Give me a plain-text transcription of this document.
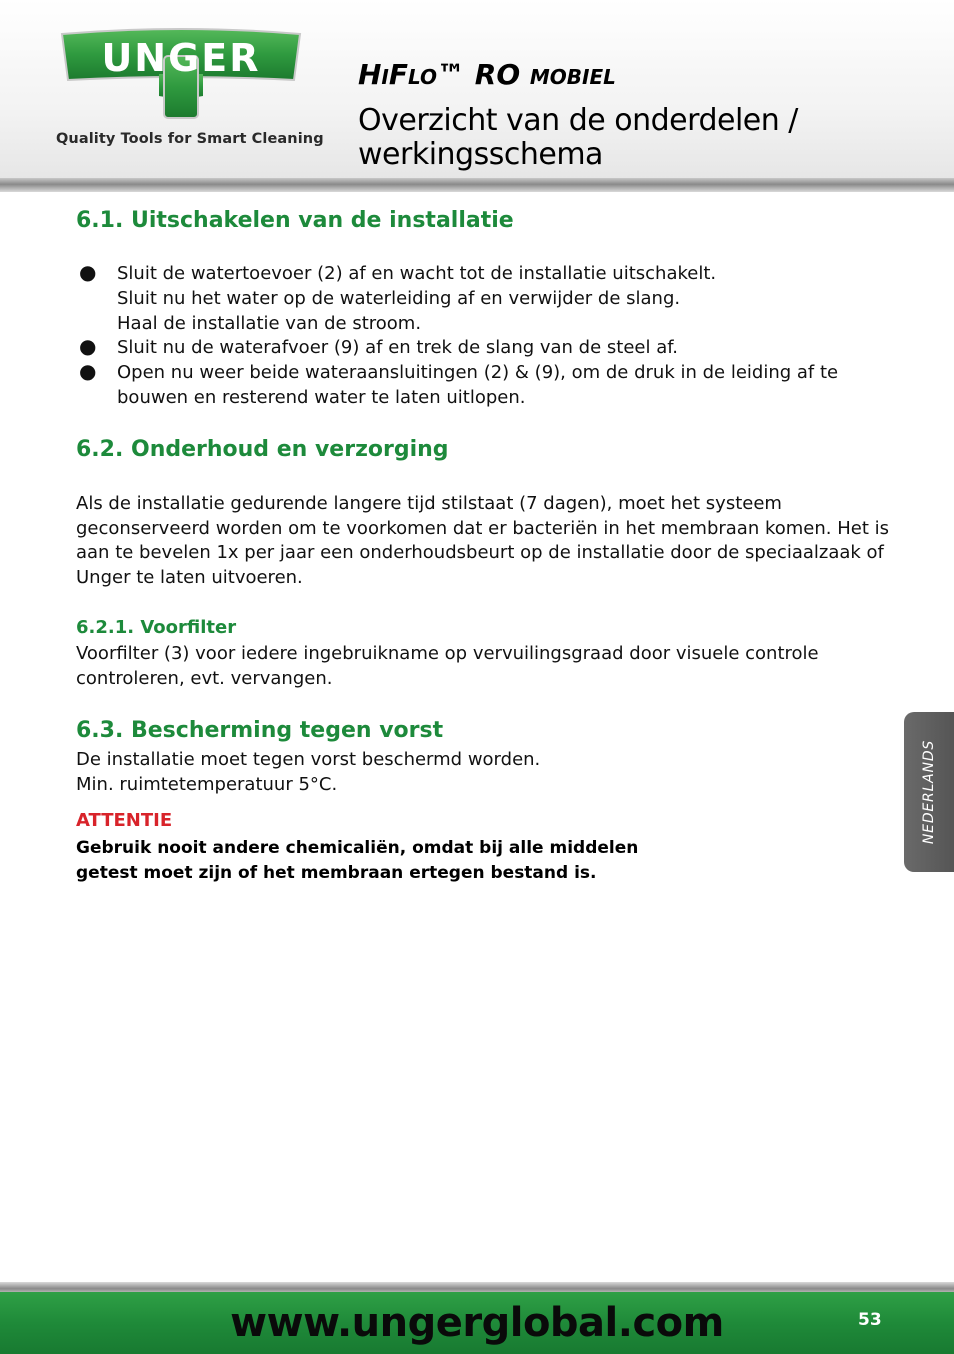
UNGER
Quality Tools for Smart Cleaning
HiFlo™ RO mobiel
Overzicht van de onderdelen / werkingsschema
6.1. Uitschakelen van de installatie
● Sluit de watertoevoer (2) af en wacht tot de installatie uitschakelt.
Sluit nu het water op de waterleiding af en verwijder de slang.
Haal de installatie van de stroom.
● Sluit nu de waterafvoer (9) af en trek de slang van de steel af.
● Open nu weer beide wateraansluitingen (2) & (9), om de druk in de leiding af te bouwen en resterend water te laten uitlopen.
6.2. Onderhoud en verzorging
Als de installatie gedurende langere tijd stilstaat (7 dagen), moet het systeem geconserveerd worden om te voorkomen dat er bacteriën in het membraan komen. Het is aan te bevelen 1x per jaar een onderhoudsbeurt op de installatie door de speciaalzaak of Unger te laten uitvoeren.
6.2.1. Voorfilter
Voorfilter (3) voor iedere ingebruikname op vervuilingsgraad door visuele controle controleren, evt. vervangen.
6.3. Bescherming tegen vorst
De installatie moet tegen vorst beschermd worden.
Min. ruimtetemperatuur 5°C.
ATTENTIE
Gebruik nooit andere chemicaliën, omdat bij alle middelen
getest moet zijn of het membraan ertegen bestand is.
NEDERLANDS
www.ungerglobal.com	53
